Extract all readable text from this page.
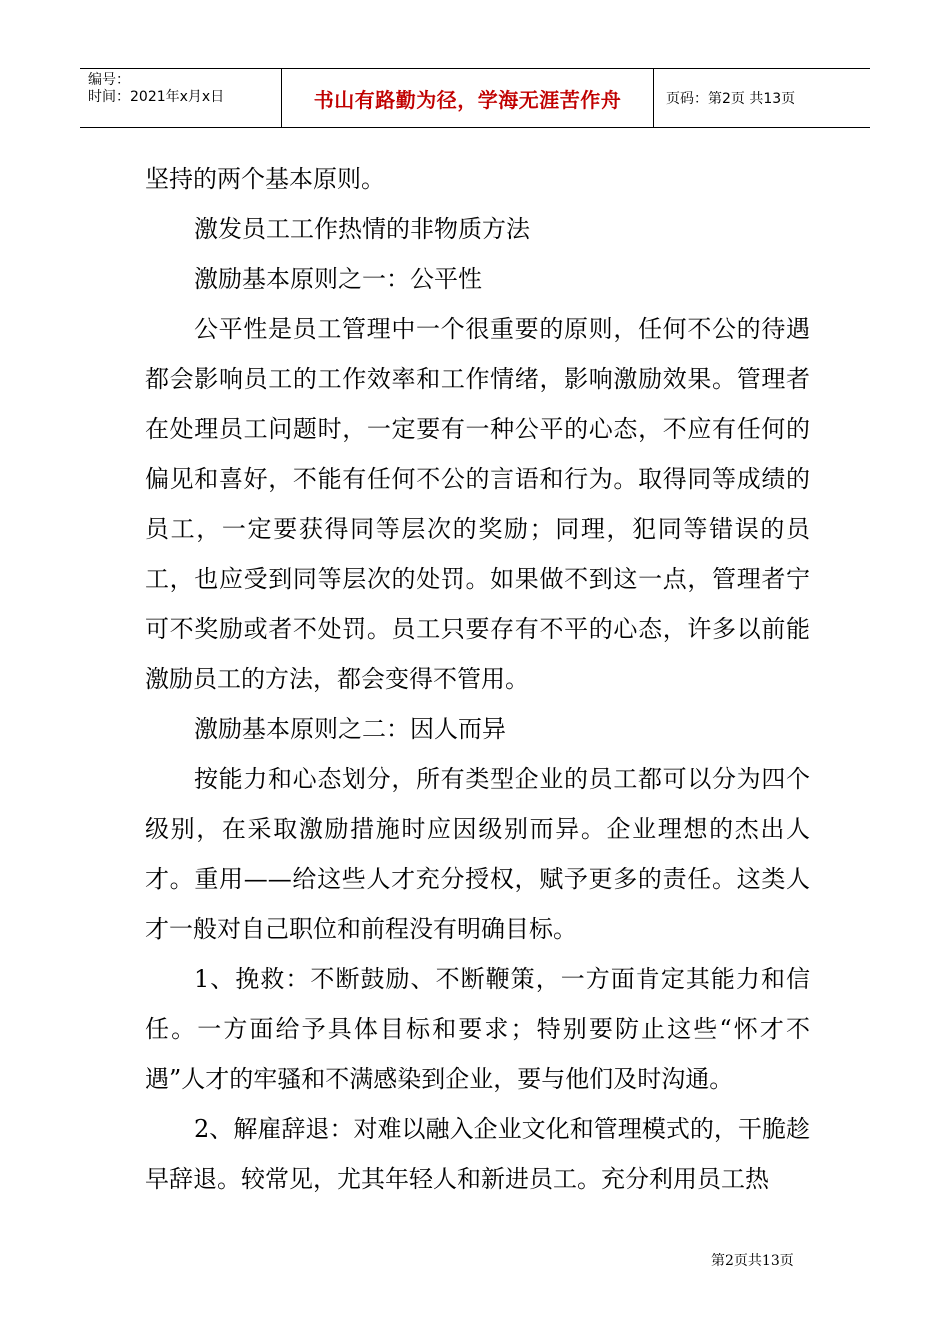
编号：
时间：2021年x月x日	书山有路勤为径，学海无涯苦作舟	页码：第2页 共13页

坚持的两个基本原则。

激发员工工作热情的非物质方法

激励基本原则之一：公平性

公平性是员工管理中一个很重要的原则，任何不公的待遇都会影响员工的工作效率和工作情绪，影响激励效果。管理者在处理员工问题时，一定要有一种公平的心态，不应有任何的偏见和喜好，不能有任何不公的言语和行为。取得同等成绩的员工，一定要获得同等层次的奖励；同理，犯同等错误的员工，也应受到同等层次的处罚。如果做不到这一点，管理者宁可不奖励或者不处罚。员工只要存有不平的心态，许多以前能激励员工的方法，都会变得不管用。

激励基本原则之二：因人而异

按能力和心态划分，所有类型企业的员工都可以分为四个级别，在采取激励措施时应因级别而异。企业理想的杰出人才。重用——给这些人才充分授权，赋予更多的责任。这类人才一般对自己职位和前程没有明确目标。

1、挽救：不断鼓励、不断鞭策，一方面肯定其能力和信任。一方面给予具体目标和要求；特别要防止这些“怀才不遇”人才的牢骚和不满感染到企业，要与他们及时沟通。

2、解雇辞退：对难以融入企业文化和管理模式的，干脆趁早辞退。较常见，尤其年轻人和新进员工。充分利用员工热

第2页共13页
